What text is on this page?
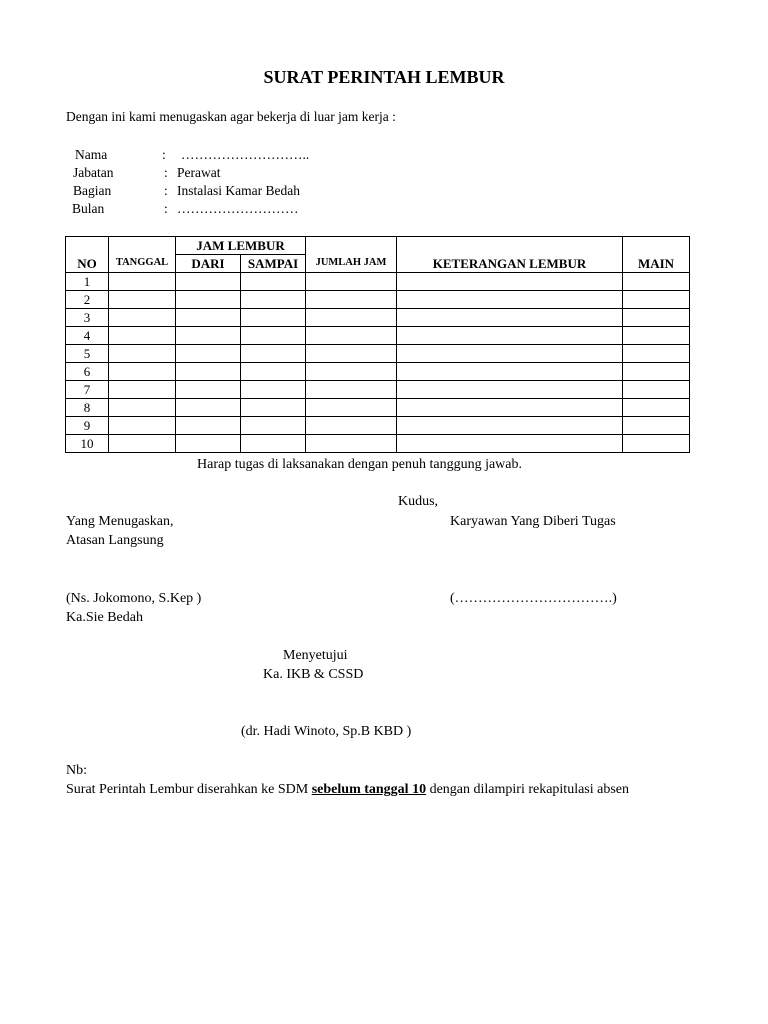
SURAT PERINTAH LEMBUR
Dengan ini kami menugaskan agar bekerja di luar jam kerja :
Nama	: ………………………..
Jabatan	: Perawat
Bagian	: Instalasi Kamar Bedah
Bulan	: ………………………
NO	TANGGAL	JAM LEMBUR		JUMLAH JAM	KETERANGAN LEMBUR	MAIN
		DARI	SAMPAI			
1						
2						
3						
4						
5						
6						
7						
8						
9						
10						
Harap tugas di laksanakan dengan penuh tanggung jawab.
Kudus,
Yang Menugaskan,
Atasan Langsung
Karyawan Yang Diberi Tugas
(Ns. Jokomono, S.Kep )
Ka.Sie Bedah
(…………………………….)
Menyetujui
Ka. IKB & CSSD
(dr. Hadi Winoto, Sp.B KBD )
Nb:
Surat Perintah Lembur diserahkan ke SDM sebelum tanggal 10 dengan dilampiri rekapitulasi absen
